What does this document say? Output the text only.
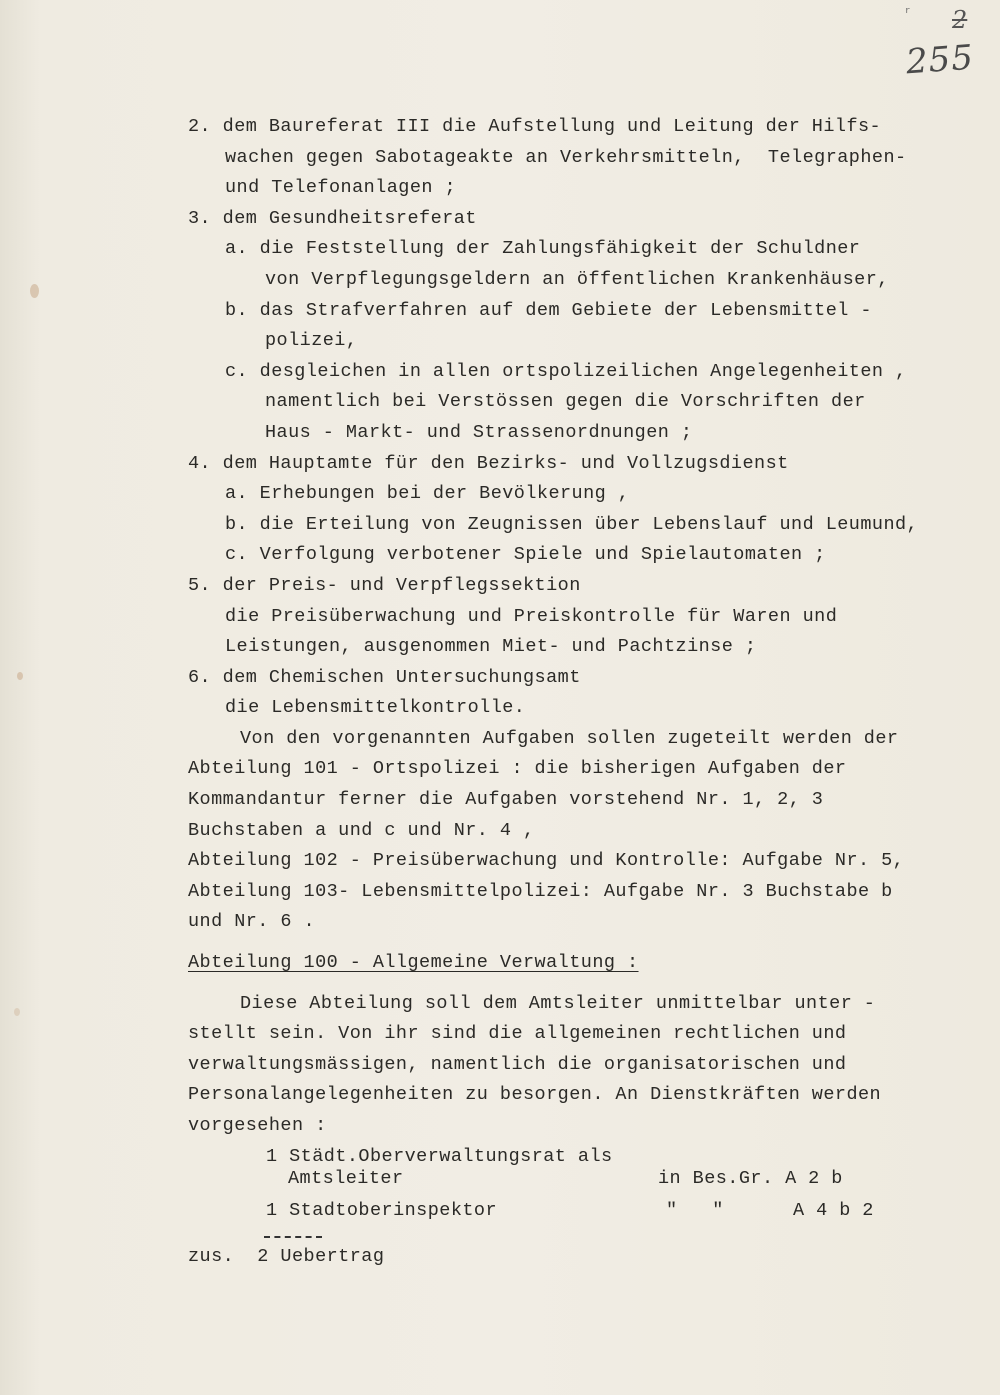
r 2
255
2. dem Baureferat III die Aufstellung und Leitung der Hilfs-
wachen gegen Sabotageakte an Verkehrsmitteln,  Telegraphen-
und Telefonanlagen ;
3. dem Gesundheitsreferat
a. die Feststellung der Zahlungsfähigkeit der Schuldner
von Verpflegungsgeldern an öffentlichen Krankenhäuser,
b. das Strafverfahren auf dem Gebiete der Lebensmittel -
polizei,
c. desgleichen in allen ortspolizeilichen Angelegenheiten ,
namentlich bei Verstössen gegen die Vorschriften der
Haus - Markt- und Strassenordnungen ;
4. dem Hauptamte für den Bezirks- und Vollzugsdienst
a. Erhebungen bei der Bevölkerung ,
b. die Erteilung von Zeugnissen über Lebenslauf und Leumund,
c. Verfolgung verbotener Spiele und Spielautomaten ;
5. der Preis- und Verpflegssektion
die Preisüberwachung und Preiskontrolle für Waren und
Leistungen, ausgenommen Miet- und Pachtzinse ;
6. dem Chemischen Untersuchungsamt
die Lebensmittelkontrolle.
Von den vorgenannten Aufgaben sollen zugeteilt werden der
Abteilung 101 - Ortspolizei : die bisherigen Aufgaben der
Kommandantur ferner die Aufgaben vorstehend Nr. 1, 2, 3
Buchstaben a und c und Nr. 4 ,
Abteilung 102 - Preisüberwachung und Kontrolle: Aufgabe Nr. 5,
Abteilung 103- Lebensmittelpolizei: Aufgabe Nr. 3 Buchstabe b
und Nr. 6 .
Abteilung 100 - Allgemeine Verwaltung :
Diese Abteilung soll dem Amtsleiter unmittelbar unter -
stellt sein. Von ihr sind die allgemeinen rechtlichen und
verwaltungsmässigen, namentlich die organisatorischen und
Personalangelegenheiten zu besorgen. An Dienstkräften werden
vorgesehen :
1 Städt.Oberverwaltungsrat als
Amtsleiter	in Bes.Gr. A 2 b
1 Stadtoberinspektor	"   "	A 4 b 2
zus.  2 Uebertrag
